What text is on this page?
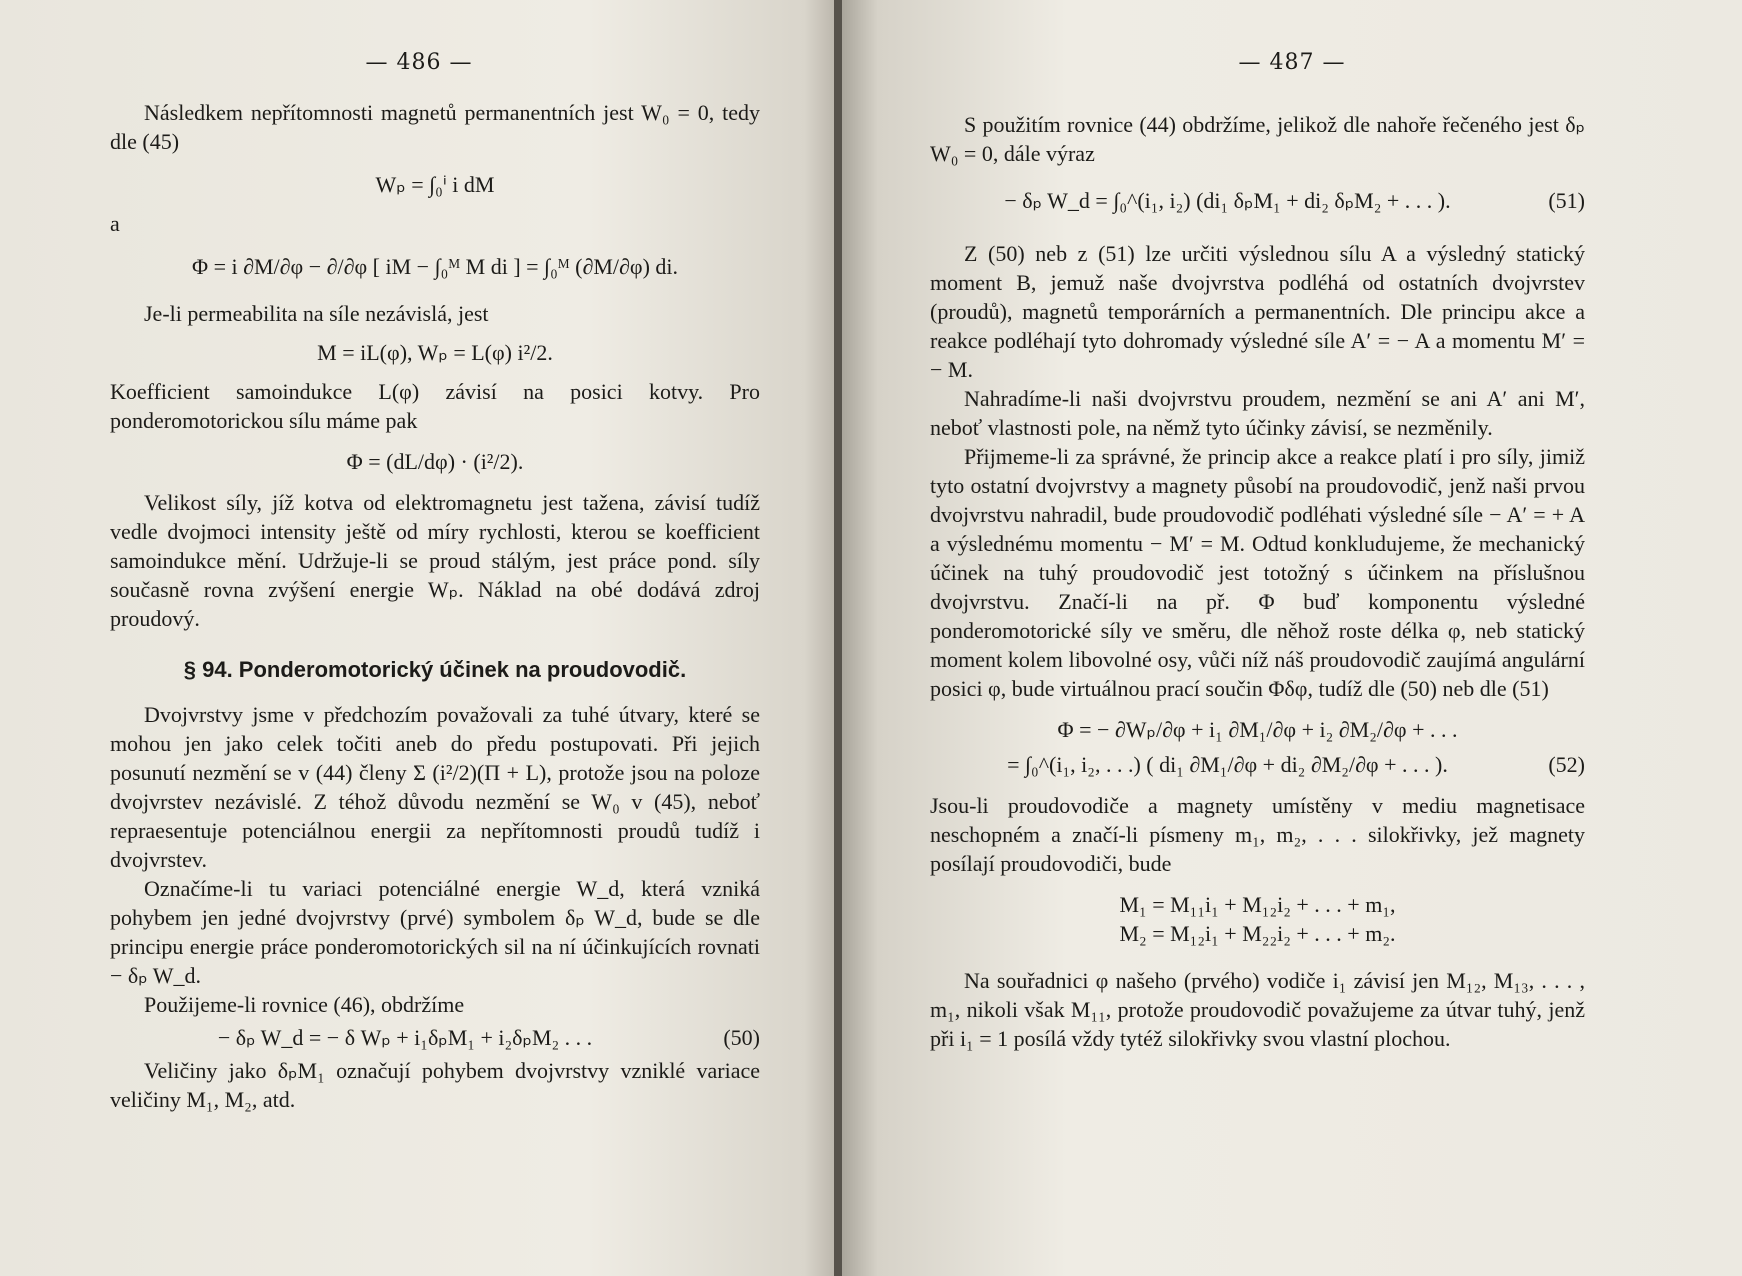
— 486 —

Následkem nepřítomnosti magnetů permanentních jest W₀ = 0, tedy dle (45)

Wₚ = ∫₀ⁱ i dM
a
Φ = i ∂M/∂φ − ∂/∂φ [ iM − ∫₀ᴹ M di ] = ∫₀ᴹ (∂M/∂φ) di.

Je-li permeabilita na síle nezávislá, jest

M = iL(φ), Wₚ = L(φ) i²/2.

Koefficient samoindukce L(φ) závisí na posici kotvy. Pro ponderomotorickou sílu máme pak

Φ = (dL/dφ) · (i²/2).

Velikost síly, jíž kotva od elektromagnetu jest tažena, závisí tudíž vedle dvojmoci intensity ještě od míry rychlosti, kterou se koefficient samoindukce mění. Udržuje-li se proud stálým, jest práce pond. síly současně rovna zvýšení energie Wₚ. Náklad na obé dodává zdroj proudový.

§ 94. Ponderomotorický účinek na proudovodič.

Dvojvrstvy jsme v předchozím považovali za tuhé útvary, které se mohou jen jako celek točiti aneb do předu postupovati. Při jejich posunutí nezmění se v (44) členy Σ (i²/2)(Π + L), protože jsou na poloze dvojvrstev nezávislé. Z téhož důvodu nezmění se W₀ v (45), neboť repraesentuje potenciálnou energii za nepřítomnosti proudů tudíž i dvojvrstev.

Označíme-li tu variaci potenciálné energie W_d, která vzniká pohybem jen jedné dvojvrstvy (prvé) symbolem δₚ W_d, bude se dle principu energie práce ponderomotorických sil na ní účinkujících rovnati − δₚ W_d.

Použijeme-li rovnice (46), obdržíme

− δₚ W_d = − δ Wₚ + i₁δₚM₁ + i₂δₚM₂ . . .	(50)

Veličiny jako δₚM₁ označují pohybem dvojvrstvy vzniklé variace veličiny M₁, M₂, atd.

— 487 —

S použitím rovnice (44) obdržíme, jelikož dle nahoře řečeného jest δₚ W₀ = 0, dále výraz

− δₚ W_d = ∫₀^(i₁, i₂) (di₁ δₚM₁ + di₂ δₚM₂ + . . . ).	(51)

Z (50) neb z (51) lze určiti výslednou sílu A a výsledný statický moment B, jemuž naše dvojvrstva podléhá od ostatních dvojvrstev (proudů), magnetů temporárních a permanentních. Dle principu akce a reakce podléhají tyto dohromady výsledné síle A′ = − A a momentu M′ = − M.

Nahradíme-li naši dvojvrstvu proudem, nezmění se ani A′ ani M′, neboť vlastnosti pole, na němž tyto účinky závisí, se nezměnily.

Přijmeme-li za správné, že princip akce a reakce platí i pro síly, jimiž tyto ostatní dvojvrstvy a magnety působí na proudovodič, jenž naši prvou dvojvrstvu nahradil, bude proudovodič podléhati výsledné síle − A′ = + A a výslednému momentu − M′ = M. Odtud konkludujeme, že mechanický účinek na tuhý proudovodič jest totožný s účinkem na příslušnou dvojvrstvu. Značí-li na př. Φ buď komponentu výsledné ponderomotorické síly ve směru, dle něhož roste délka φ, neb statický moment kolem libovolné osy, vůči níž náš proudovodič zaujímá angulární posici φ, bude virtuálnou prací součin Φδφ, tudíž dle (50) neb dle (51)

Φ = − ∂Wₚ/∂φ + i₁ ∂M₁/∂φ + i₂ ∂M₂/∂φ + . . .
= ∫₀^(i₁, i₂, . . .) ( di₁ ∂M₁/∂φ + di₂ ∂M₂/∂φ + . . . ).	(52)

Jsou-li proudovodiče a magnety umístěny v mediu magnetisace neschopném a značí-li písmeny m₁, m₂, . . . silokřivky, jež magnety posílají proudovodiči, bude

M₁ = M₁₁i₁ + M₁₂i₂ + . . . + m₁,
M₂ = M₁₂i₁ + M₂₂i₂ + . . . + m₂.

Na souřadnici φ našeho (prvého) vodiče i₁ závisí jen M₁₂, M₁₃, . . . , m₁, nikoli však M₁₁, protože proudovodič považujeme za útvar tuhý, jenž při i₁ = 1 posílá vždy tytéž silokřivky svou vlastní plochou.
